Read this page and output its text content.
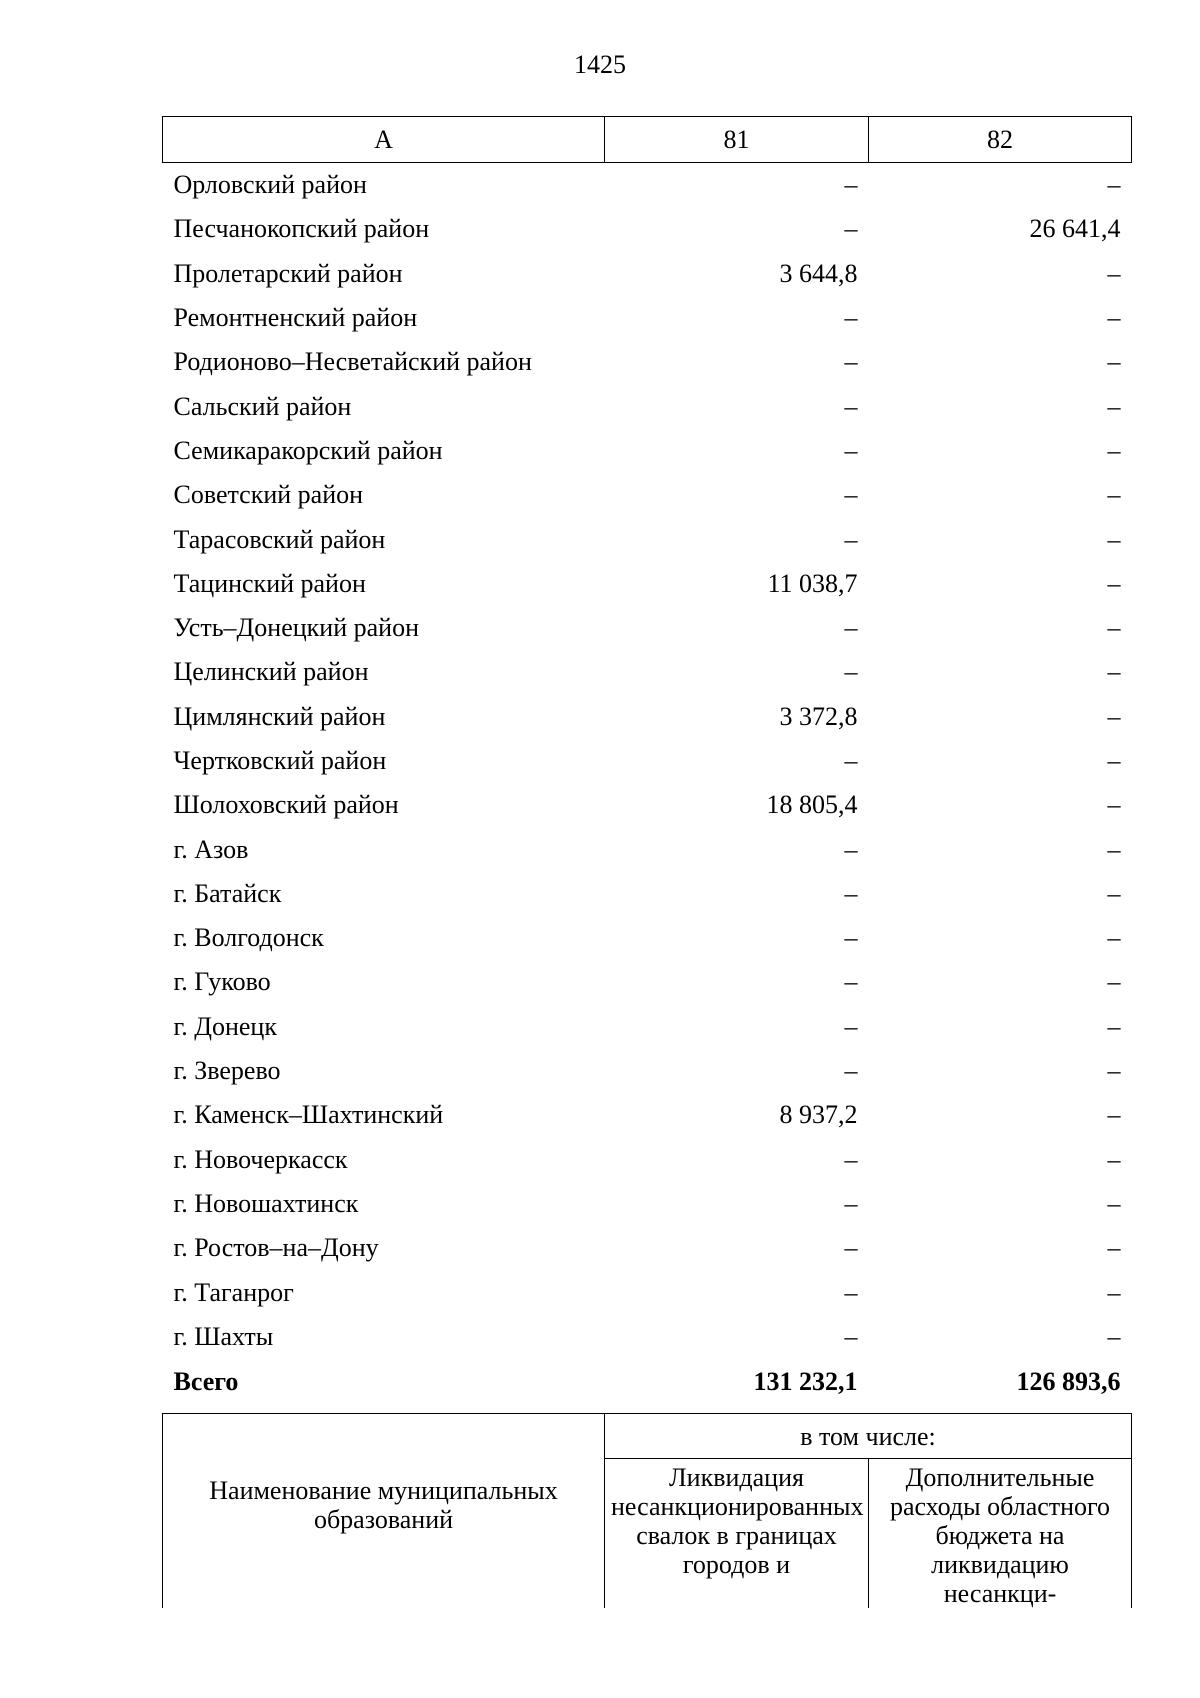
1425
А	81	82
Орловский район	–	–
Песчанокопский район	–	26 641,4
Пролетарский район	3 644,8	–
Ремонтненский район	–	–
Родионово–Несветайский район	–	–
Сальский район	–	–
Семикаракорский район	–	–
Советский район	–	–
Тарасовский район	–	–
Тацинский район	11 038,7	–
Усть–Донецкий район	–	–
Целинский район	–	–
Цимлянский район	3 372,8	–
Чертковский район	–	–
Шолоховский район	18 805,4	–
г. Азов	–	–
г. Батайск	–	–
г. Волгодонск	–	–
г. Гуково	–	–
г. Донецк	–	–
г. Зверево	–	–
г. Каменск–Шахтинский	8 937,2	–
г. Новочеркасск	–	–
г. Новошахтинск	–	–
г. Ростов–на–Дону	–	–
г. Таганрог	–	–
г. Шахты	–	–
Всего	131 232,1	126 893,6
Наименование муниципальных образований	в том числе:	
	Ликвидация несанкционированных свалок в границах городов и	Дополнительные расходы областного бюджета на ликвидацию несанкци-
